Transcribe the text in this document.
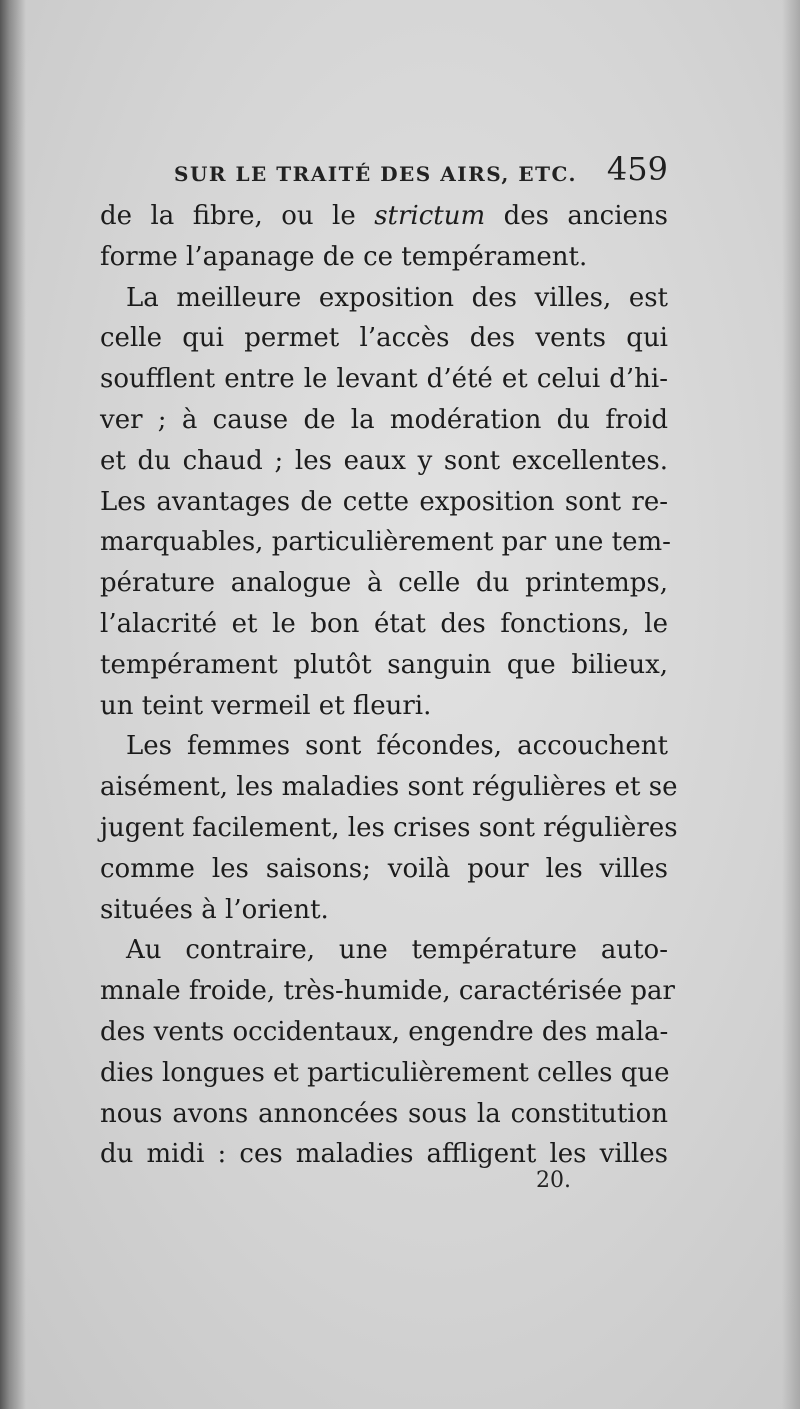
SUR LE TRAITÉ DES AIRS, ETC. 459
de la fibre, ou le strictum des anciens
forme l’apanage de ce tempérament.
La meilleure exposition des villes, est
celle qui permet l’accès des vents qui
soufflent entre le levant d’été et celui d’hi-
ver ; à cause de la modération du froid
et du chaud ; les eaux y sont excellentes.
Les avantages de cette exposition sont re-
marquables, particulièrement par une tem-
pérature analogue à celle du printemps,
l’alacrité et le bon état des fonctions, le
tempérament plutôt sanguin que bilieux,
un teint vermeil et fleuri.
Les femmes sont fécondes, accouchent
aisément, les maladies sont régulières et se
jugent facilement, les crises sont régulières
comme les saisons; voilà pour les villes
situées à l’orient.
Au contraire, une température auto-
mnale froide, très-humide, caractérisée par
des vents occidentaux, engendre des mala-
dies longues et particulièrement celles que
nous avons annoncées sous la constitution
du midi : ces maladies affligent les villes
20.
